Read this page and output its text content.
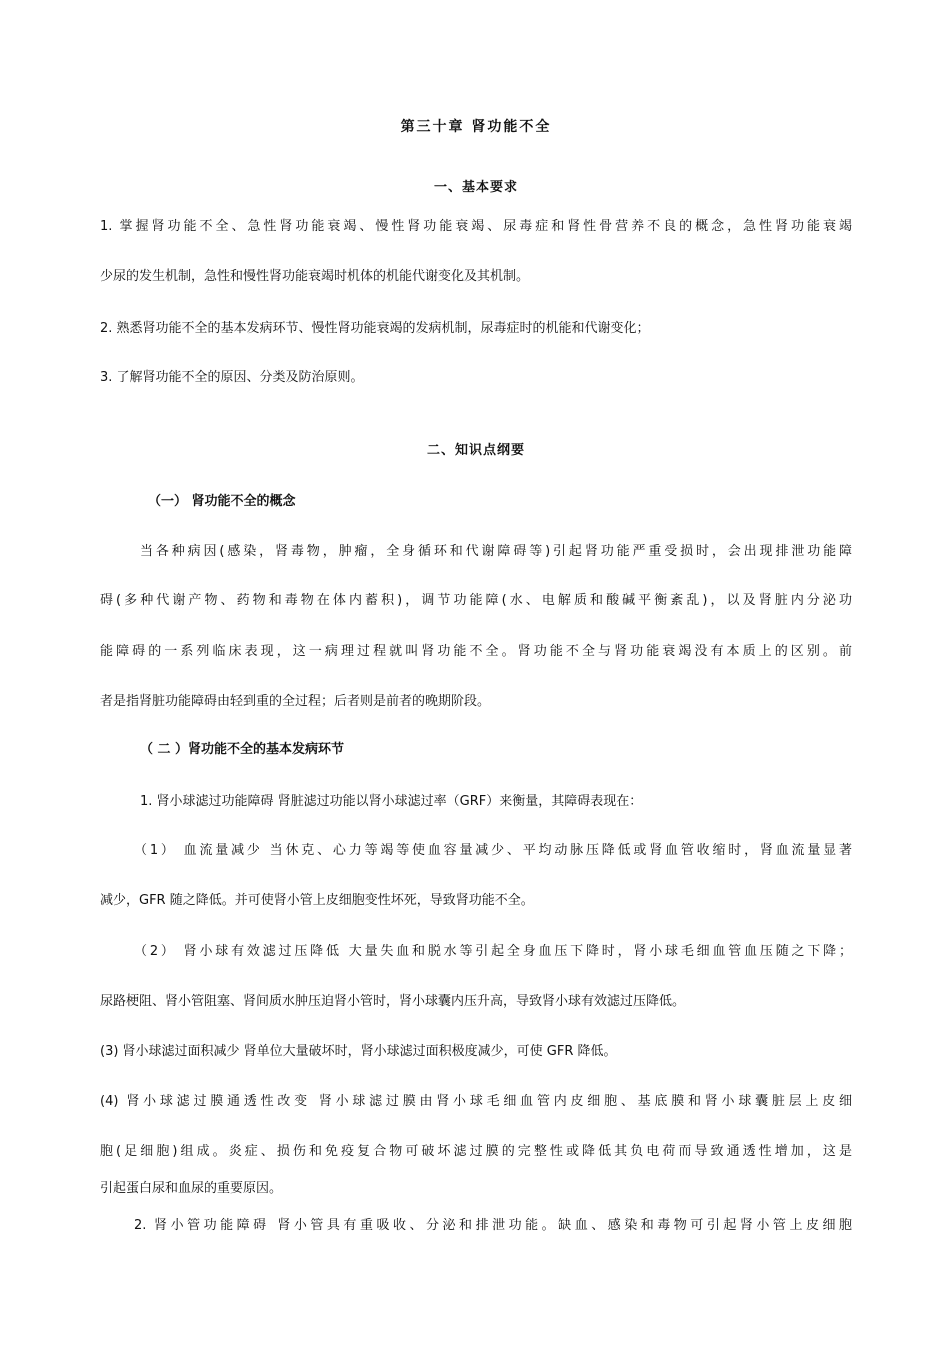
第三十章 肾功能不全
一、基本要求
1. 掌握肾功能不全、急性肾功能衰竭、慢性肾功能衰竭、尿毒症和肾性骨营养不良的概念，急性肾功能衰竭
少尿的发生机制，急性和慢性肾功能衰竭时机体的机能代谢变化及其机制。
2. 熟悉肾功能不全的基本发病环节、慢性肾功能衰竭的发病机制，尿毒症时的机能和代谢变化；
3. 了解肾功能不全的原因、分类及防治原则。
二、知识点纲要
（一） 肾功能不全的概念
当各种病因(感染，肾毒物，肿瘤，全身循环和代谢障碍等)引起肾功能严重受损时，会出现排泄功能障
碍(多种代谢产物、药物和毒物在体内蓄积)，调节功能障(水、电解质和酸碱平衡紊乱)，以及肾脏内分泌功
能障碍的一系列临床表现，这一病理过程就叫肾功能不全。肾功能不全与肾功能衰竭没有本质上的区别。前
者是指肾脏功能障碍由轻到重的全过程；后者则是前者的晚期阶段。
（ 二 ）肾功能不全的基本发病环节
1. 肾小球滤过功能障碍 肾脏滤过功能以肾小球滤过率（GRF）来衡量，其障碍表现在：
（1） 血流量减少 当休克、心力等竭等使血容量减少、平均动脉压降低或肾血管收缩时，肾血流量显著
减少，GFR 随之降低。并可使肾小管上皮细胞变性坏死，导致肾功能不全。
（2） 肾小球有效滤过压降低 大量失血和脱水等引起全身血压下降时，肾小球毛细血管血压随之下降；
尿路梗阻、肾小管阻塞、肾间质水肿压迫肾小管时，肾小球囊内压升高，导致肾小球有效滤过压降低。
(3) 肾小球滤过面积减少 肾单位大量破坏时，肾小球滤过面积极度减少，可使 GFR 降低。
(4) 肾小球滤过膜通透性改变 肾小球滤过膜由肾小球毛细血管内皮细胞、基底膜和肾小球囊脏层上皮细
胞(足细胞)组成。炎症、损伤和免疫复合物可破坏滤过膜的完整性或降低其负电荷而导致通透性增加，这是
引起蛋白尿和血尿的重要原因。
2. 肾小管功能障碍 肾小管具有重吸收、分泌和排泄功能。缺血、感染和毒物可引起肾小管上皮细胞
